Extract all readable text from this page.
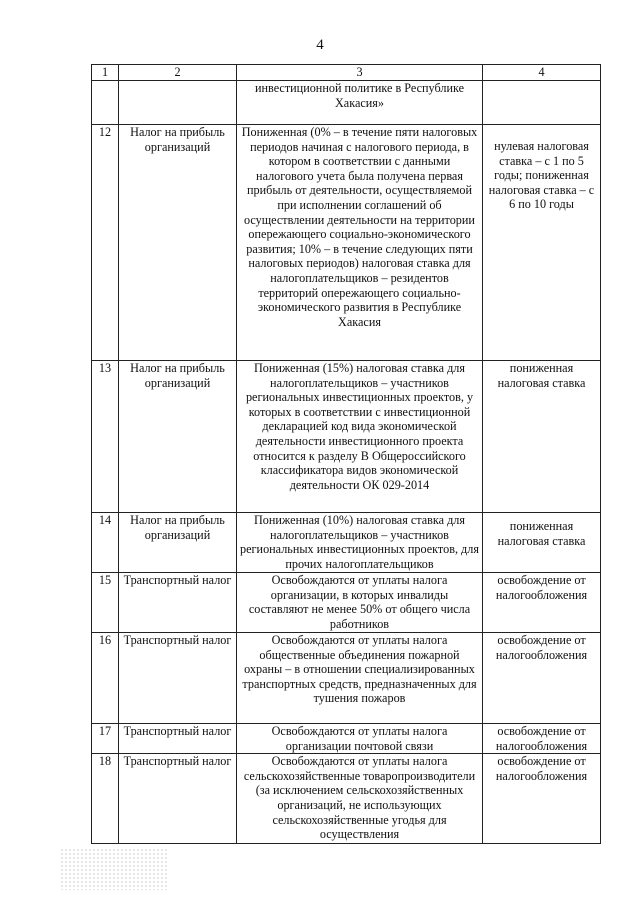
4
1	2	3	4
		инвестиционной политике в Республике Хакасия»	
12	Налог на прибыль организаций	Пониженная (0% – в течение пяти налоговых периодов начиная с налогового периода, в котором в соответствии с данными налогового учета была получена первая прибыль от деятельности, осуществляемой при исполнении соглашений об осуществлении деятельности на территории опережающего социально-экономического развития; 10% – в течение следующих пяти налоговых периодов) налоговая ставка для налогоплательщиков – резидентов территорий опережающего социально-экономического развития в Республике Хакасия	нулевая налоговая ставка – с 1 по 5 годы; пониженная налоговая ставка – с 6 по 10 годы
13	Налог на прибыль организаций	Пониженная (15%) налоговая ставка для налогоплательщиков – участников региональных инвестиционных проектов, у которых в соответствии с инвестиционной декларацией код вида экономической деятельности инвестиционного проекта относится к разделу В Общероссийского классификатора видов экономической деятельности ОК 029-2014	пониженная налоговая ставка
14	Налог на прибыль организаций	Пониженная (10%) налоговая ставка для налогоплательщиков – участников региональных инвестиционных проектов, для прочих налогоплательщиков	пониженная налоговая ставка
15	Транспортный налог	Освобождаются от уплаты налога организации, в которых инвалиды составляют не менее 50% от общего числа работников	освобождение от налогообложения
16	Транспортный налог	Освобождаются от уплаты налога общественные объединения пожарной охраны – в отношении специализированных транспортных средств, предназначенных для тушения пожаров	освобождение от налогообложения
17	Транспортный налог	Освобождаются от уплаты налога организации почтовой связи	освобождение от налогообложения
18	Транспортный налог	Освобождаются от уплаты налога сельскохозяйственные товаропроизводители (за исключением сельскохозяйственных организаций, не использующих сельскохозяйственные угодья для осуществления	освобождение от налогообложения
